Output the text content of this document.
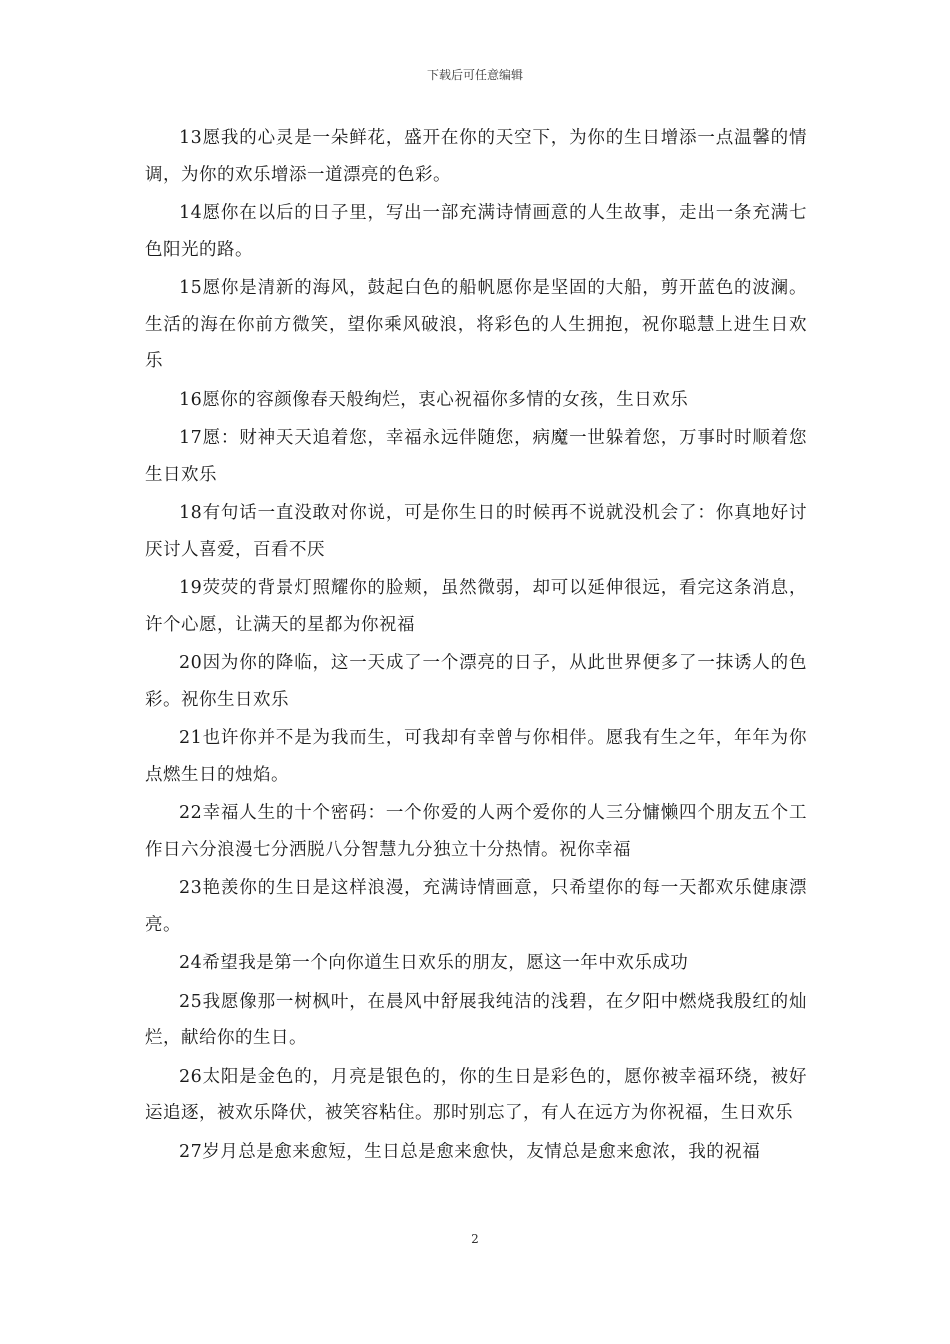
下载后可任意编辑

13愿我的心灵是一朵鲜花，盛开在你的天空下，为你的生日增添一点温馨的情调，为你的欢乐增添一道漂亮的色彩。

14愿你在以后的日子里，写出一部充满诗情画意的人生故事，走出一条充满七色阳光的路。

15愿你是清新的海风，鼓起白色的船帆愿你是坚固的大船，剪开蓝色的波澜。生活的海在你前方微笑，望你乘风破浪，将彩色的人生拥抱，祝你聪慧上进生日欢乐

16愿你的容颜像春天般绚烂，衷心祝福你多情的女孩，生日欢乐

17愿：财神天天追着您，幸福永远伴随您，病魔一世躲着您，万事时时顺着您生日欢乐

18有句话一直没敢对你说，可是你生日的时候再不说就没机会了：你真地好讨厌讨人喜爱，百看不厌

19荧荧的背景灯照耀你的脸颊，虽然微弱，却可以延伸很远，看完这条消息，许个心愿，让满天的星都为你祝福

20因为你的降临，这一天成了一个漂亮的日子，从此世界便多了一抹诱人的色彩。祝你生日欢乐

21也许你并不是为我而生，可我却有幸曾与你相伴。愿我有生之年，年年为你点燃生日的烛焰。

22幸福人生的十个密码：一个你爱的人两个爱你的人三分慵懒四个朋友五个工作日六分浪漫七分洒脱八分智慧九分独立十分热情。祝你幸福

23艳羡你的生日是这样浪漫，充满诗情画意，只希望你的每一天都欢乐健康漂亮。

24希望我是第一个向你道生日欢乐的朋友，愿这一年中欢乐成功

25我愿像那一树枫叶，在晨风中舒展我纯洁的浅碧，在夕阳中燃烧我殷红的灿烂，献给你的生日。

26太阳是金色的，月亮是银色的，你的生日是彩色的，愿你被幸福环绕，被好运追逐，被欢乐降伏，被笑容粘住。那时别忘了，有人在远方为你祝福，生日欢乐

27岁月总是愈来愈短，生日总是愈来愈快，友情总是愈来愈浓，我的祝福

2
